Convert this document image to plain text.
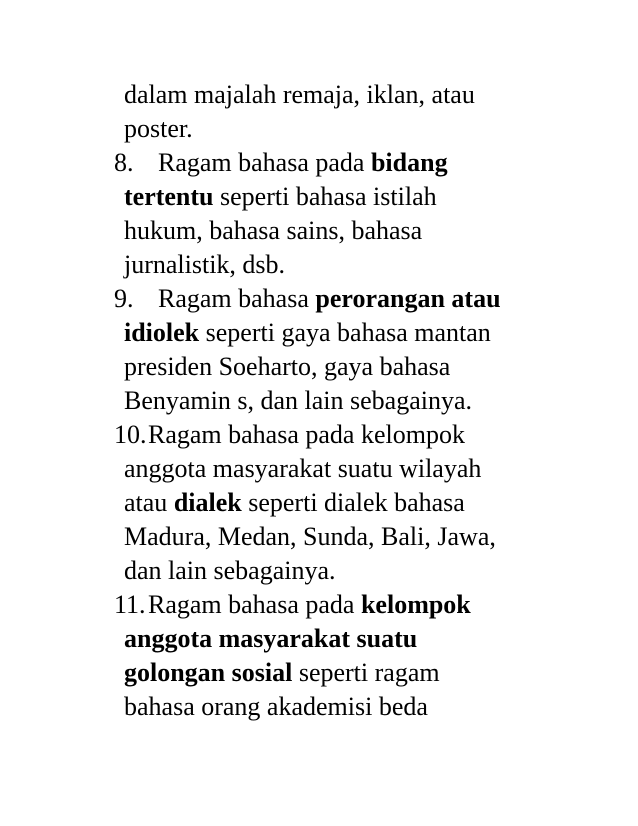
dalam majalah remaja, iklan, atau
poster.
8. Ragam bahasa pada bidang
tertentu seperti bahasa istilah
hukum, bahasa sains, bahasa
jurnalistik, dsb.
9. Ragam bahasa perorangan atau
idiolek seperti gaya bahasa mantan
presiden Soeharto, gaya bahasa
Benyamin s, dan lain sebagainya.
10.Ragam bahasa pada kelompok
anggota masyarakat suatu wilayah
atau dialek seperti dialek bahasa
Madura, Medan, Sunda, Bali, Jawa,
dan lain sebagainya.
11.Ragam bahasa pada kelompok
anggota masyarakat suatu
golongan sosial seperti ragam
bahasa orang akademisi beda
